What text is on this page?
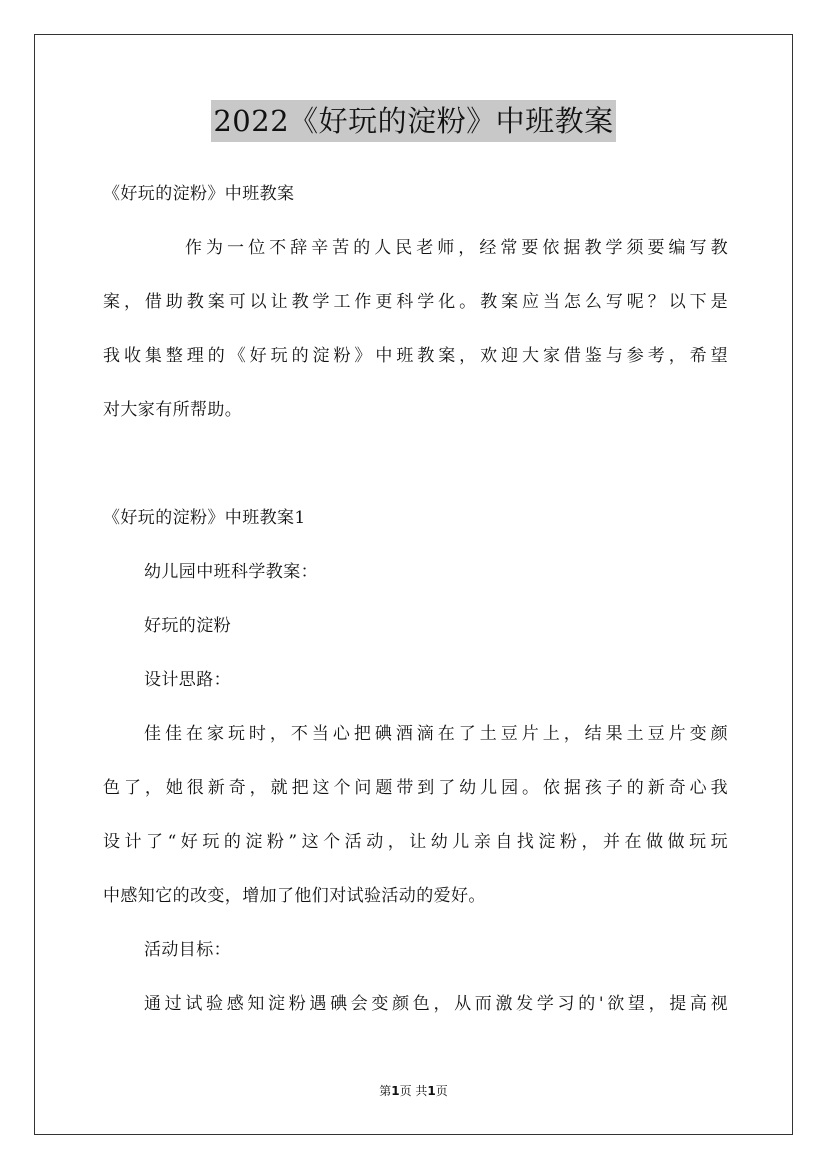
2022《好玩的淀粉》中班教案
《好玩的淀粉》中班教案
作为一位不辞辛苦的人民老师，经常要依据教学须要编写教
案，借助教案可以让教学工作更科学化。教案应当怎么写呢？以下是
我收集整理的《好玩的淀粉》中班教案，欢迎大家借鉴与参考，希望
对大家有所帮助。
《好玩的淀粉》中班教案1
幼儿园中班科学教案：
好玩的淀粉
设计思路：
佳佳在家玩时，不当心把碘酒滴在了土豆片上，结果土豆片变颜
色了，她很新奇，就把这个问题带到了幼儿园。依据孩子的新奇心我
设计了“好玩的淀粉”这个活动，让幼儿亲自找淀粉，并在做做玩玩
中感知它的改变，增加了他们对试验活动的爱好。
活动目标：
通过试验感知淀粉遇碘会变颜色，从而激发学习的'欲望，提高视
第1页 共1页
